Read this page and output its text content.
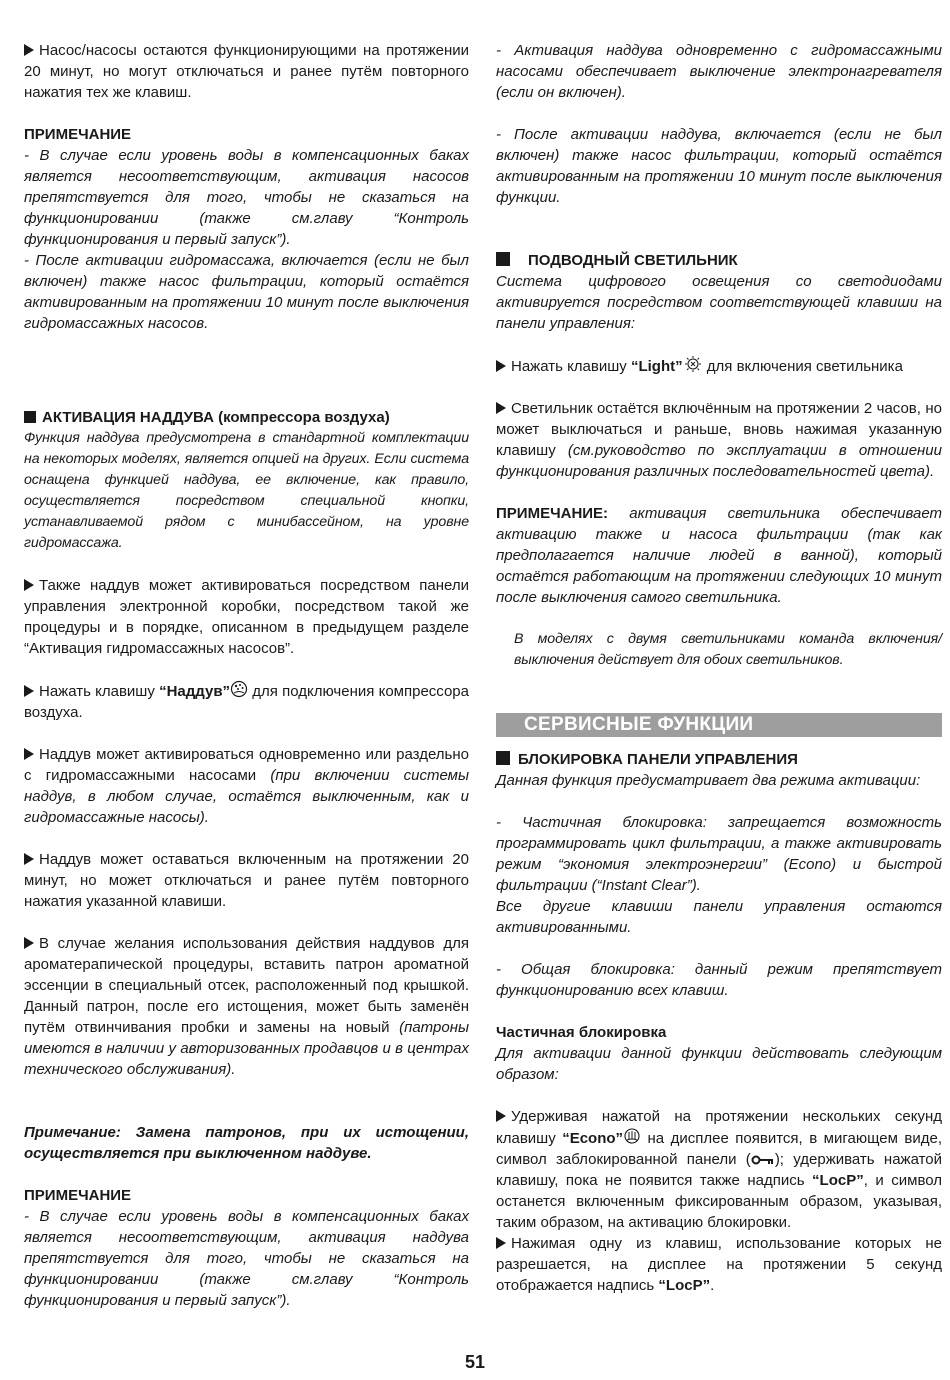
Насос/насосы остаются функционирующими на протяжении 20 минут, но могут отключаться и ранее путём повторного нажатия тех же клавиш.

ПРИМЕЧАНИЕ

- В случае если уровень воды в компенсационных баках является несоответствующим, активация насосов препятствуется для того, чтобы не сказаться на функционировании (также см.главу “Контроль функционирования и первый запуск”).

- После активации гидромассажа, включается (если не был включен) также насос фильтрации, который остаётся активированным на протяжении 10 минут после выключения гидромассажных насосов.

АКТИВАЦИЯ НАДДУВА (компрессора воздуха)

Функция наддува предусмотрена в стандартной комплектации на некоторых моделях, является опцией на других. Если система оснащена функцией наддува, ее включение, как правило, осуществляется посредством специальной кнопки, устанавливаемой рядом с минибассейном, на уровне гидромассажа.

Также наддув может активироваться посредством панели управления электронной коробки, посредством такой же процедуры и в порядке, описанном в предыдущем разделе “Активация гидромассажных насосов”.

Нажать клавишу “Наддув” для подключения компрессора воздуха.

Наддув может активироваться одновременно или раздельно с гидромассажными насосами (при включении системы наддув, в любом случае, остаётся выключенным, как и гидромассажные насосы).

Наддув может оставаться включенным на протяжении 20 минут, но может отключаться и ранее путём повторного нажатия указанной клавиши.

В случае желания использования действия наддувов для ароматерапической процедуры, вставить патрон ароматной эссенции в специальный отсек, расположенный под крышкой. Данный патрон, после его истощения, может быть заменён путём отвинчивания пробки и замены на новый (патроны имеются в наличии у авторизованных продавцов и в центрах технического обслуживания).

Примечание: Замена патронов, при их истощении, осуществляется при выключенном наддуве.

ПРИМЕЧАНИЕ

- В случае если уровень воды в компенсационных баках является несоответствующим, активация наддува препятствуется для того, чтобы не сказаться на функционировании (также см.главу “Контроль функционирования и первый запуск”).

- Активация наддува одновременно с гидромассажными насосами обеспечивает выключение электронагревателя (если он включен).

- После активации наддува, включается (если не был включен) также насос фильтрации, который остаётся активированным на протяжении 10 минут после выключения функции.

ПОДВОДНЫЙ СВЕТИЛЬНИК

Система цифрового освещения со светодиодами активируется посредством соответствующей клавиши на панели управления:

Нажать клавишу “Light” для включения светильника

Светильник остаётся включённым на протяжении 2 часов, но может выключаться и раньше, вновь нажимая указанную клавишу (см.руководство по эксплуатации в отношении функционирования различных последовательностей цвета).

ПРИМЕЧАНИЕ: активация светильника обеспечивает активацию также и насоса фильтрации (так как предполагается наличие людей в ванной), который остаётся работающим на протяжении следующих 10 минут после выключения самого светильника.

В моделях с двумя светильниками команда включения/выключения действует для обоих светильников.

СЕРВИСНЫЕ ФУНКЦИИ

БЛОКИРОВКА ПАНЕЛИ УПРАВЛЕНИЯ

Данная функция предусматривает два режима активации:

- Частичная блокировка: запрещается возможность программировать цикл фильтрации, а также активировать режим “экономия электроэнергии” (Econo) и быстрой фильтрации (“Instant Clear”).

Все другие клавиши панели управления остаются активированными.

- Общая блокировка: данный режим препятствует функционированию всех клавиш.

Частичная блокировка

Для активации данной функции действовать следующим образом:

Удерживая нажатой на протяжении нескольких секунд клавишу “Econo” на дисплее появится, в мигающем виде, символ заблокированной панели ( ); удерживать нажатой клавишу, пока не появится также надпись “LocP”, и символ останется включенным фиксированным образом, указывая, таким образом, на активацию блокировки.

Нажимая одну из клавиш, использование которых не разрешается, на дисплее на протяжении 5 секунд отображается надпись “LocP”.

51
